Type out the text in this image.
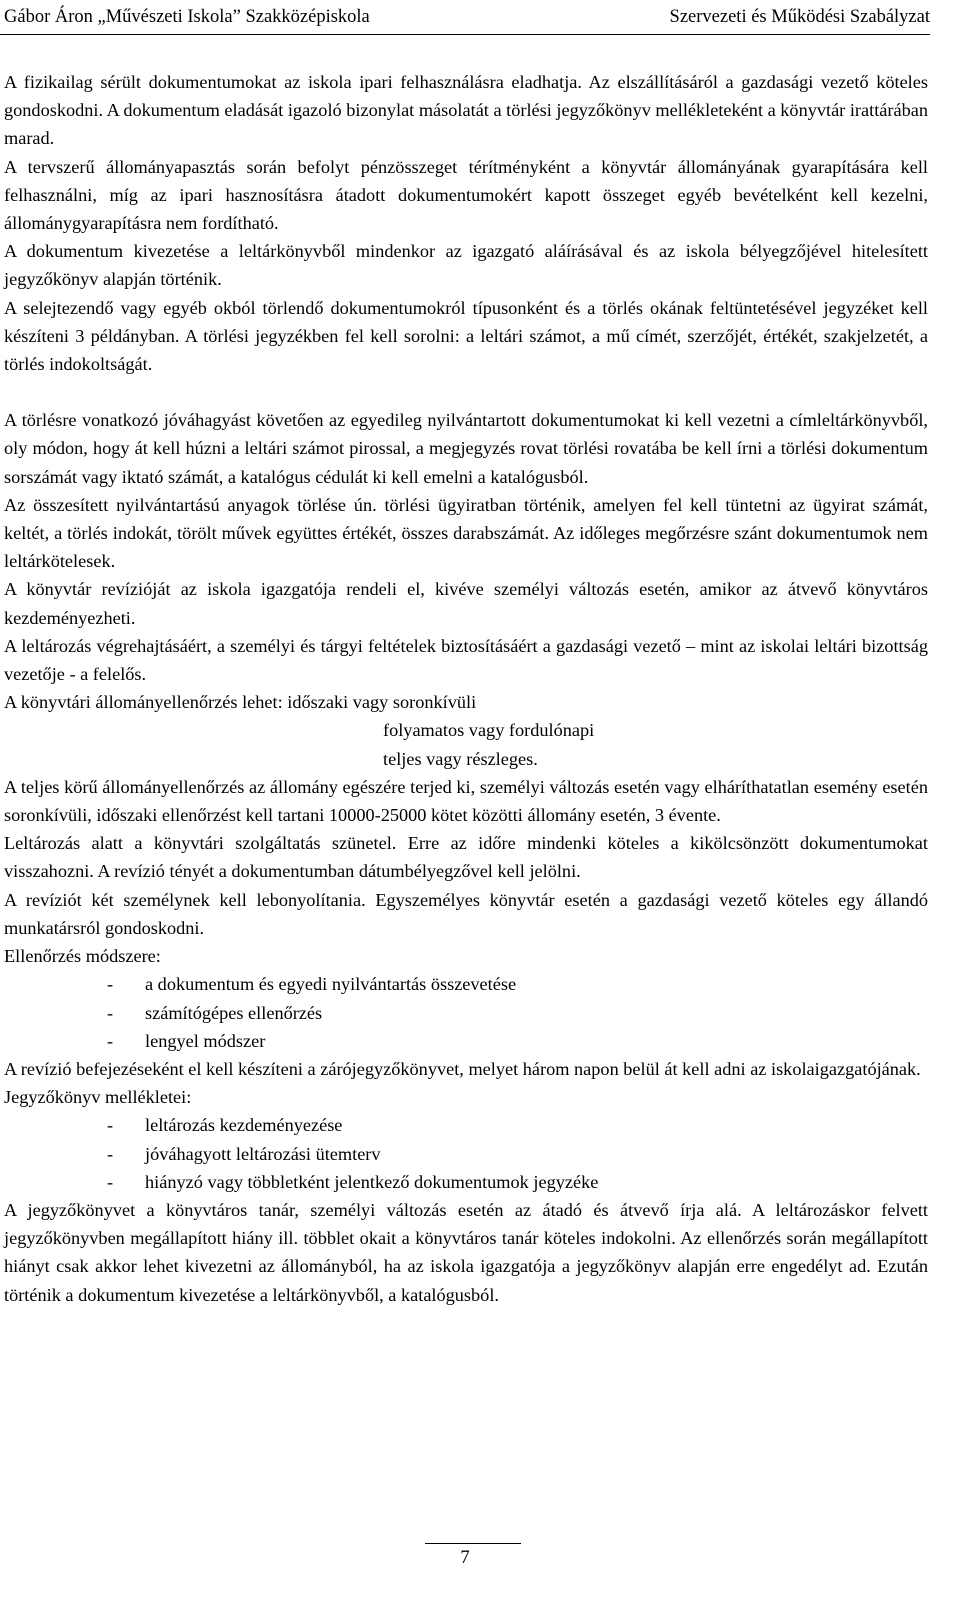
Gábor Áron „Művészeti Iskola” Szakközépiskola	Szervezeti és Működési Szabályzat

A fizikailag sérült dokumentumokat az iskola ipari felhasználásra eladhatja. Az elszállításáról a gazdasági vezető köteles gondoskodni. A dokumentum eladását igazoló bizonylat másolatát a törlési jegyzőkönyv mellékleteként a könyvtár irattárában marad.

A tervszerű állományapasztás során befolyt pénzösszeget térítményként a könyvtár állományának gyarapítására kell felhasználni, míg az ipari hasznosításra átadott dokumentumokért kapott összeget egyéb bevételként kell kezelni, állománygyarapításra nem fordítható.

A dokumentum kivezetése a leltárkönyvből mindenkor az igazgató aláírásával és az iskola bélyegzőjével hitelesített jegyzőkönyv alapján történik.

A selejtezendő vagy egyéb okból törlendő dokumentumokról típusonként és a törlés okának feltüntetésével jegyzéket kell készíteni 3 példányban. A törlési jegyzékben fel kell sorolni: a leltári számot, a mű címét, szerzőjét, értékét, szakjelzetét, a törlés indokoltságát.

A törlésre vonatkozó jóváhagyást követően az egyedileg nyilvántartott dokumentumokat ki kell vezetni a címleltárkönyvből, oly módon, hogy át kell húzni a leltári számot pirossal, a megjegyzés rovat törlési rovatába be kell írni a törlési dokumentum sorszámát vagy iktató számát, a katalógus cédulát ki kell emelni a katalógusból.

Az összesített nyilvántartású anyagok törlése ún. törlési ügyiratban történik, amelyen fel kell tüntetni az ügyirat számát, keltét, a törlés indokát, törölt művek együttes értékét, összes darabszámát. Az időleges megőrzésre szánt dokumentumok nem leltárkötelesek.

A könyvtár revízióját az iskola igazgatója rendeli el, kivéve személyi változás esetén, amikor az átvevő könyvtáros kezdeményezheti.

A leltározás végrehajtásáért, a személyi és tárgyi feltételek biztosításáért a gazdasági vezető – mint az iskolai leltári bizottság vezetője - a felelős.

A könyvtári állományellenőrzés lehet: időszaki vagy soronkívüli

folyamatos vagy fordulónapi

teljes vagy részleges.

A teljes körű állományellenőrzés az állomány egészére terjed ki, személyi változás esetén vagy elháríthatatlan esemény esetén soronkívüli, időszaki ellenőrzést kell tartani 10000-25000 kötet közötti állomány esetén, 3 évente.

Leltározás alatt a könyvtári szolgáltatás szünetel. Erre az időre mindenki köteles a kikölcsönzött dokumentumokat visszahozni. A revízió tényét a dokumentumban dátumbélyegzővel kell jelölni.

A revíziót két személynek kell lebonyolítania. Egyszemélyes könyvtár esetén a gazdasági vezető köteles egy állandó munkatársról gondoskodni.

Ellenőrzés módszere:

- a dokumentum és egyedi nyilvántartás összevetése
- számítógépes ellenőrzés
- lengyel módszer

A revízió befejezéseként el kell készíteni a zárójegyzőkönyvet, melyet három napon belül át kell adni az iskolaigazgatójának.

Jegyzőkönyv mellékletei:

- leltározás kezdeményezése
- jóváhagyott leltározási ütemterv
- hiányzó vagy többletként jelentkező dokumentumok jegyzéke

A jegyzőkönyvet a könyvtáros tanár, személyi változás esetén az átadó és átvevő írja alá. A leltározáskor felvett jegyzőkönyvben megállapított hiány ill. többlet okait a könyvtáros tanár köteles indokolni. Az ellenőrzés során megállapított hiányt csak akkor lehet kivezetni az állományból, ha az iskola igazgatója a jegyzőkönyv alapján erre engedélyt ad. Ezután történik a dokumentum kivezetése a leltárkönyvből, a katalógusból.

7
